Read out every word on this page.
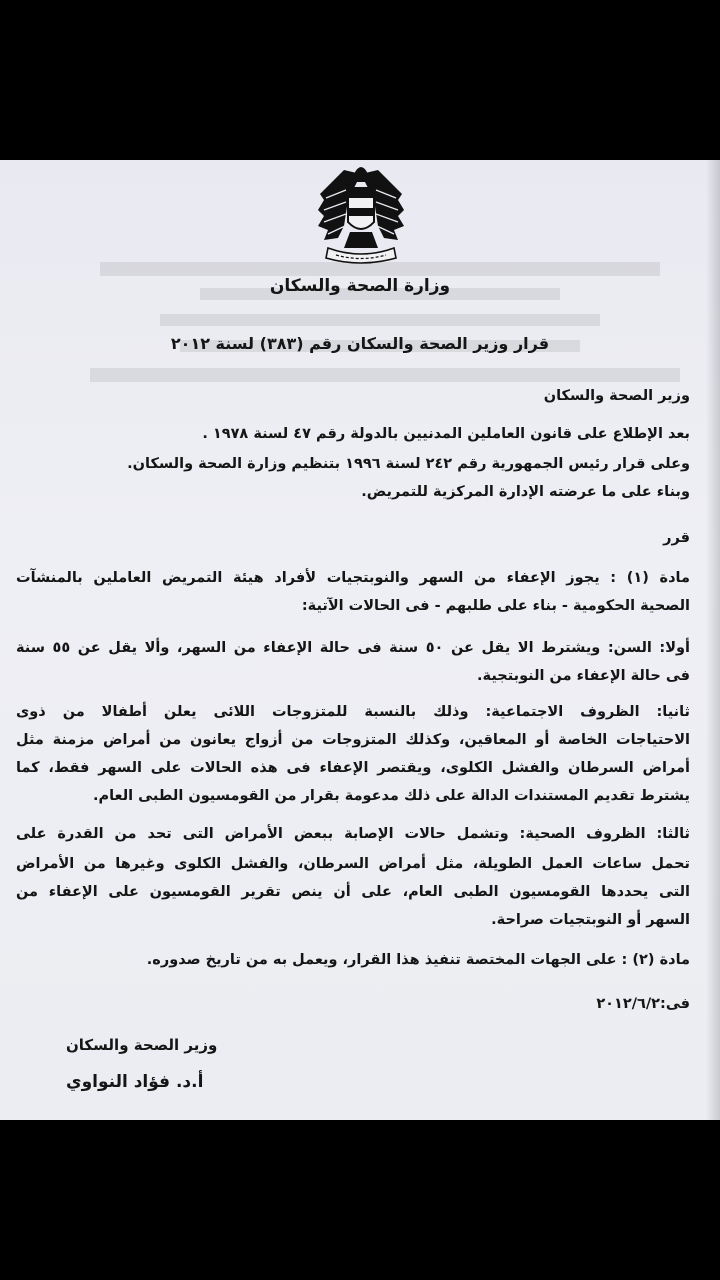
وزارة الصحة والسكان
قرار وزير الصحة والسكان رقم (٣٨٣) لسنة ٢٠١٢
وزير الصحة والسكان
بعد الإطلاع على قانون العاملين المدنيين بالدولة رقم ٤٧ لسنة ١٩٧٨ .
وعلى قرار رئيس الجمهورية رقم ٢٤٢ لسنة ١٩٩٦ بتنظيم وزارة الصحة والسكان.
وبناء على ما عرضته الإدارة المركزية للتمريض.
قرر
مادة (١) : يجوز الإعفاء من السهر والنوبتجيات لأفراد هيئة التمريض العاملين بالمنشآت
الصحية الحكومية - بناء على طلبهم - فى الحالات الآتية:
أولا: السن: ويشترط الا يقل عن ٥٠ سنة فى حالة الإعفاء من السهر، وألا يقل عن ٥٥ سنة
فى حالة الإعفاء من النوبتجية.
ثانيا: الظروف الاجتماعية: وذلك بالنسبة للمتزوجات اللائى يعلن أطفالا من ذوى
الاحتياجات الخاصة أو المعاقين، وكذلك المتزوجات من أزواج يعانون من أمراض مزمنة مثل
أمراض السرطان والفشل الكلوى، ويقتصر الإعفاء فى هذه الحالات على السهر فقط، كما
يشترط تقديم المستندات الدالة على ذلك مدعومة بقرار من القومسيون الطبى العام.
ثالثا: الظروف الصحية: وتشمل حالات الإصابة ببعض الأمراض التى تحد من القدرة على
تحمل ساعات العمل الطويلة، مثل أمراض السرطان، والفشل الكلوى وغيرها من الأمراض
التى يحددها القومسيون الطبى العام، على أن ينص تقرير القومسيون على الإعفاء من
السهر أو النوبتجيات صراحة.
مادة (٢) : على الجهات المختصة تنفيذ هذا القرار، ويعمل به من تاريخ صدوره.
فى:٢٠١٢/٦/٢
وزير الصحة والسكان
أ.د. فؤاد النواوي
